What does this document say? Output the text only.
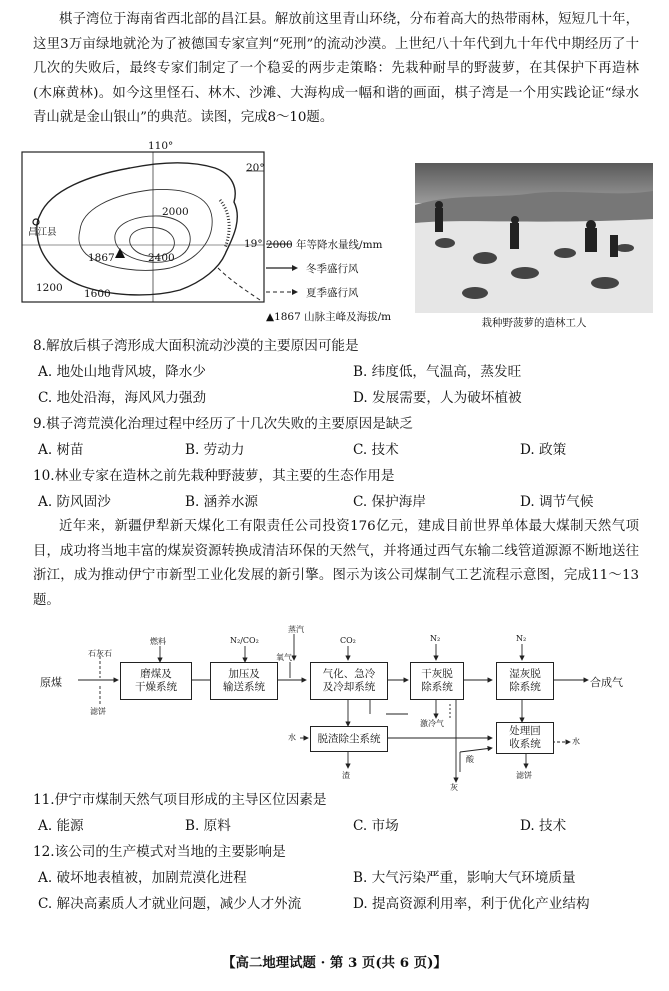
棋子湾位于海南省西北部的昌江县。解放前这里青山环绕，分布着高大的热带雨林，短短几十年，这里3万亩绿地就沦为了被德国专家宣判“死刑”的流动沙漠。上世纪八十年代到九十年代中期经历了十几次的失败后，最终专家们制定了一个稳妥的两步走策略：先栽种耐旱的野菠萝，在其保护下再造林(木麻黄林)。如今这里怪石、林木、沙滩、大海构成一幅和谐的画面，棋子湾是一个用实践论证“绿水青山就是金山银山”的典范。读图，完成8～10题。

110°
20°
19°
昌江县
2000
2400
1200 1600
1867
2000 年等降水量线/mm
冬季盛行风
夏季盛行风
▲1867 山脉主峰及海拔/m	栽种野菠萝的造林工人
8.解放后棋子湾形成大面积流动沙漠的主要原因可能是
A. 地处山地背风坡，降水少	B. 纬度低，气温高，蒸发旺
C. 地处沿海，海风风力强劲	D. 发展需要，人为破坏植被
9.棋子湾荒漠化治理过程中经历了十几次失败的主要原因是缺乏
A. 树苗	B. 劳动力	C. 技术	D. 政策
10.林业专家在造林之前先栽种野菠萝，其主要的生态作用是
A. 防风固沙	B. 涵养水源	C. 保护海岸	D. 调节气候

近年来，新疆伊犁新天煤化工有限责任公司投资176亿元，建成目前世界单体最大煤制天然气项目，成功将当地丰富的煤炭资源转换成清洁环保的天然气，并将通过西气东输二线管道源源不断地送往浙江，成为推动伊宁市新型工业化发展的新引擎。图示为该公司煤制气工艺流程示意图，完成11～13题。

原煤
石灰石
滤饼
燃料	N₂/CO₂
蒸汽
氧气
CO₂	N₂	N₂
磨煤及
干燥系统
加压及
输送系统
气化、急冷
及冷却系统
干灰脱
除系统
湿灰脱
除系统	合成气
水	脱渣除尘系统
处理回
收系统	水
渣
灰
激冷气
酸
滤饼
11.伊宁市煤制天然气项目形成的主导区位因素是
A. 能源	B. 原料	C. 市场	D. 技术
12.该公司的生产模式对当地的主要影响是
A. 破坏地表植被，加剧荒漠化进程	B. 大气污染严重，影响大气环境质量
C. 解决高素质人才就业问题，减少人才外流	D. 提高资源利用率，利于优化产业结构
【高二地理试题 · 第 3 页(共 6 页)】
